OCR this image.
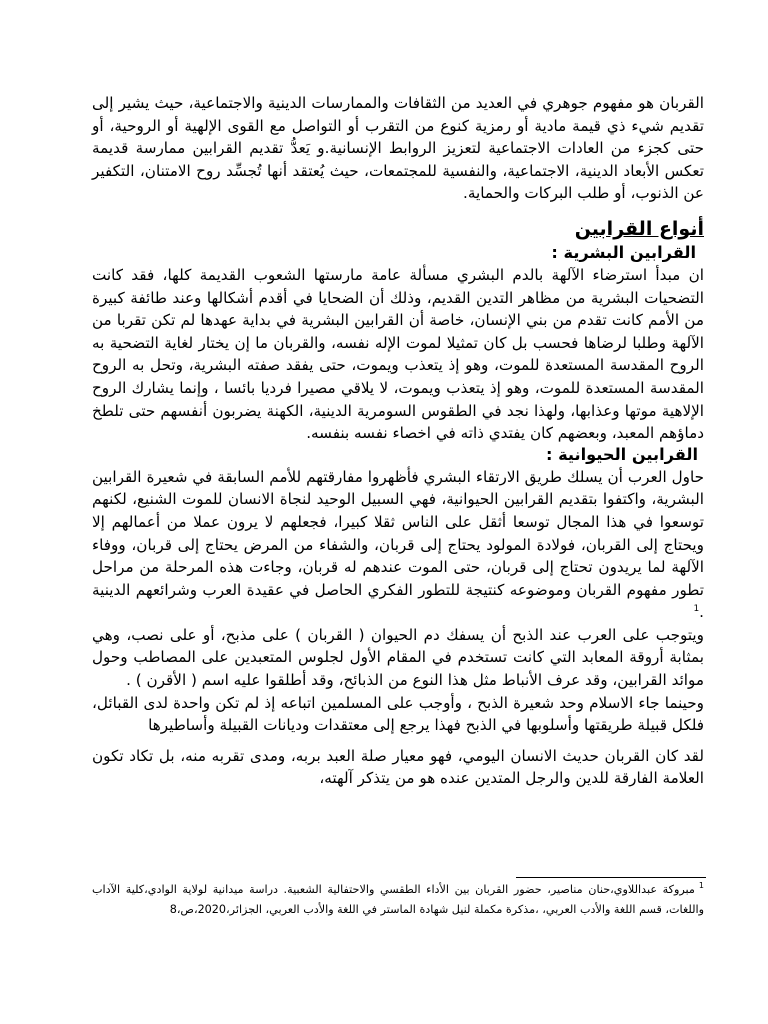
القربان هو مفهوم جوهري في العديد من الثقافات والممارسات الدينية والاجتماعية، حيث يشير إلى تقديم شيء ذي قيمة مادية أو رمزية كنوع من التقرب أو التواصل مع القوى الإلهية أو الروحية، أو حتى كجزء من العادات الاجتماعية لتعزيز الروابط الإنسانية.و يَعدُّ تقديم القرابين ممارسة قديمة تعكس الأبعاد الدينية، الاجتماعية، والنفسية للمجتمعات، حيث يُعتقد أنها تُجسِّد روح الامتنان، التكفير عن الذنوب، أو طلب البركات والحماية.

أنواع القرابين
القرابين البشرية :

ان مبدأ استرضاء الآلهة بالدم البشري مسألة عامة مارستها الشعوب القديمة كلها، فقد كانت التضحيات البشرية من مظاهر التدين القديم، وذلك أن الضحايا في أقدم أشكالها وعند طائفة كبيرة من الأمم كانت تقدم من بني الإنسان، خاصة أن القرابين البشرية في بداية عهدها لم تكن تقربا من الآلهة وطلبا لرضاها فحسب بل كان تمثيلا لموت الإله نفسه، والقربان ما إن يختار لغاية التضحية به الروح المقدسة المستعدة للموت، وهو إذ يتعذب ويموت، حتى يفقد صفته البشرية، وتحل به الروح المقدسة المستعدة للموت، وهو إذ يتعذب ويموت، لا يلاقي مصيرا فرديا بائسا ، وإنما يشارك الروح الإلاهية موتها وعذابها، ولهذا نجد في الطقوس السومرية الدينية، الكهنة يضربون أنفسهم حتى تلطخ دماؤهم المعبد، وبعضهم كان يفتدي ذاته في اخصاء نفسه بنفسه.

القرابين الحيوانية :

حاول العرب أن يسلك طريق الارتقاء البشري فأظهروا مفارقتهم للأمم السابقة في شعيرة القرابين البشرية، واكتفوا بتقديم القرابين الحيوانية، فهي السبيل الوحيد لنجاة الانسان للموت الشنيع، لكنهم توسعوا في هذا المجال توسعا أثقل على الناس ثقلا كبيرا، فجعلهم لا يرون عملا من أعمالهم إلا ويحتاج إلى القربان، فولادة المولود يحتاج إلى قربان، والشفاء من المرض يحتاج إلى قربان، ووفاء الآلهة لما يريدون تحتاج إلى قربان، حتى الموت عندهم له قربان، وجاءت هذه المرحلة من مراحل تطور مفهوم القربان وموضوعه كنتيجة للتطور الفكري الحاصل في عقيدة العرب وشرائعهم الدينية .$^1$

ويتوجب على العرب عند الذبح أن يسفك دم الحيوان ( القربان ) على مذبح، أو على نصب، وهي بمثابة أروقة المعابد التي كانت تستخدم في المقام الأول لجلوس المتعبدين على المصاطب وحول موائد القرابين، وقد عرف الأنباط مثل هذا النوع من الذبائح، وقد أطلقوا عليه اسم ( الأقرن ) .

وحينما جاء الاسلام وحد شعيرة الذبح ، وأوجب على المسلمين اتباعه إذ لم تكن واحدة لدى القبائل، فلكل قبيلة طريقتها وأسلوبها في الذبح فهذا يرجع إلى معتقدات وديانات القبيلة وأساطيرها

لقد كان القربان حديث الانسان اليومي، فهو معيار صلة العبد بربه، ومدى تقربه منه، بل تكاد تكون العلامة الفارقة للدين والرجل المتدين عنده هو من يتذكر آلهته،

$^1$مبروكة عبداللاوي،حنان مناصير، حضور القربان بين الأداء الطقسي والاحتفالية الشعبية. دراسة ميدانية لولاية الوادي،كلية الآداب واللغات، قسم اللغة والأدب العربي، ،مذكرة مكملة لنيل شهادة الماستر في اللغة والأدب العربي، الجزائر،2020،ص،8
